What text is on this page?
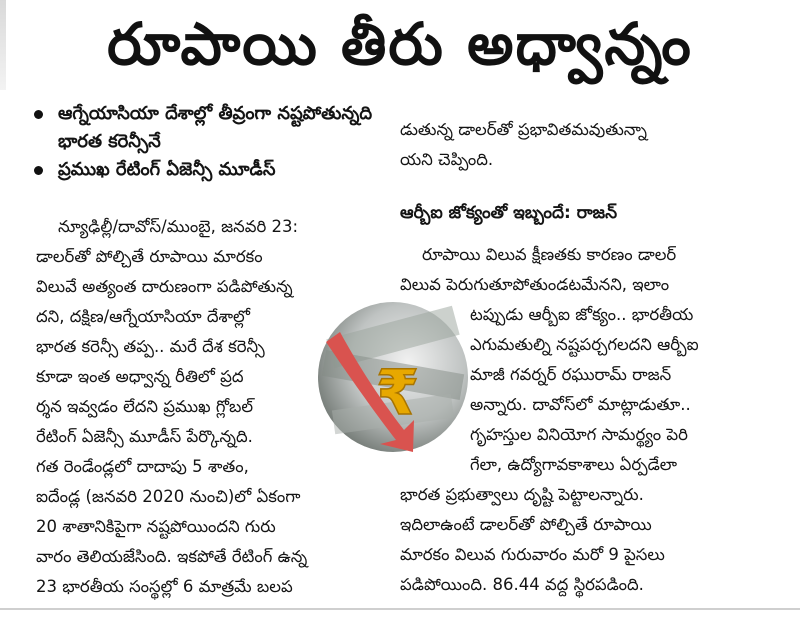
రూపాయి తీరు అధ్వాన్నం
ఆగ్నేయాసియా దేశాల్లో తీవ్రంగా నష్టపోతున్నది భారత కరెన్సీనే
ప్రముఖ రేటింగ్ ఏజెన్సీ మూడీస్
న్యూఢిల్లీ/దావోస్/ముంబై, జనవరి 23:
డాలర్‌తో పోల్చితే రూపాయి మారకం
విలువే అత్యంత దారుణంగా పడిపోతున్న
దని, దక్షిణ/ఆగ్నేయాసియా దేశాల్లో
భారత కరెన్సీ తప్ప.. మరే దేశ కరెన్సీ
కూడా ఇంత అధ్వాన్న రీతిలో ప్రద
ర్శన ఇవ్వడం లేదని ప్రముఖ గ్లోబల్
రేటింగ్ ఏజెన్సీ మూడీస్ పేర్కొన్నది.
గత రెండేండ్లలో దాదాపు 5 శాతం,
ఐదేండ్ల (జనవరి 2020 నుంచి)లో ఏకంగా
20 శాతానికిపైగా నష్టపోయిందని గురు
వారం తెలియజేసింది. ఇకపోతే రేటింగ్ ఉన్న
23 భారతీయ సంస్థల్లో 6 మాత్రమే బలప
డుతున్న డాలర్‌తో ప్రభావితమవుతున్నా
యని చెప్పింది.
ఆర్బీఐ జోక్యంతో ఇబ్బందే: రాజన్
రూపాయి విలువ క్షీణతకు కారణం డాలర్
విలువ పెరుగుతూపోతుండటమేనని, ఇలాం
టప్పుడు ఆర్బీఐ జోక్యం.. భారతీయ
ఎగుమతుల్ని నష్టపర్చగలదని ఆర్బీఐ
మాజీ గవర్నర్ రఘురామ్ రాజన్
అన్నారు. దావోస్‌లో మాట్లాడుతూ..
గృహస్తుల వినియోగ సామర్థ్యం పెరి
గేలా, ఉద్యోగావకాశాలు ఏర్పడేలా
భారత ప్రభుత్వాలు దృష్టి పెట్టాలన్నారు.
ఇదిలాఉంటే డాలర్‌తో పోల్చితే రూపాయి
మారకం విలువ గురువారం మరో 9 పైసలు
పడిపోయింది. 86.44 వద్ద స్థిరపడింది.
₹
